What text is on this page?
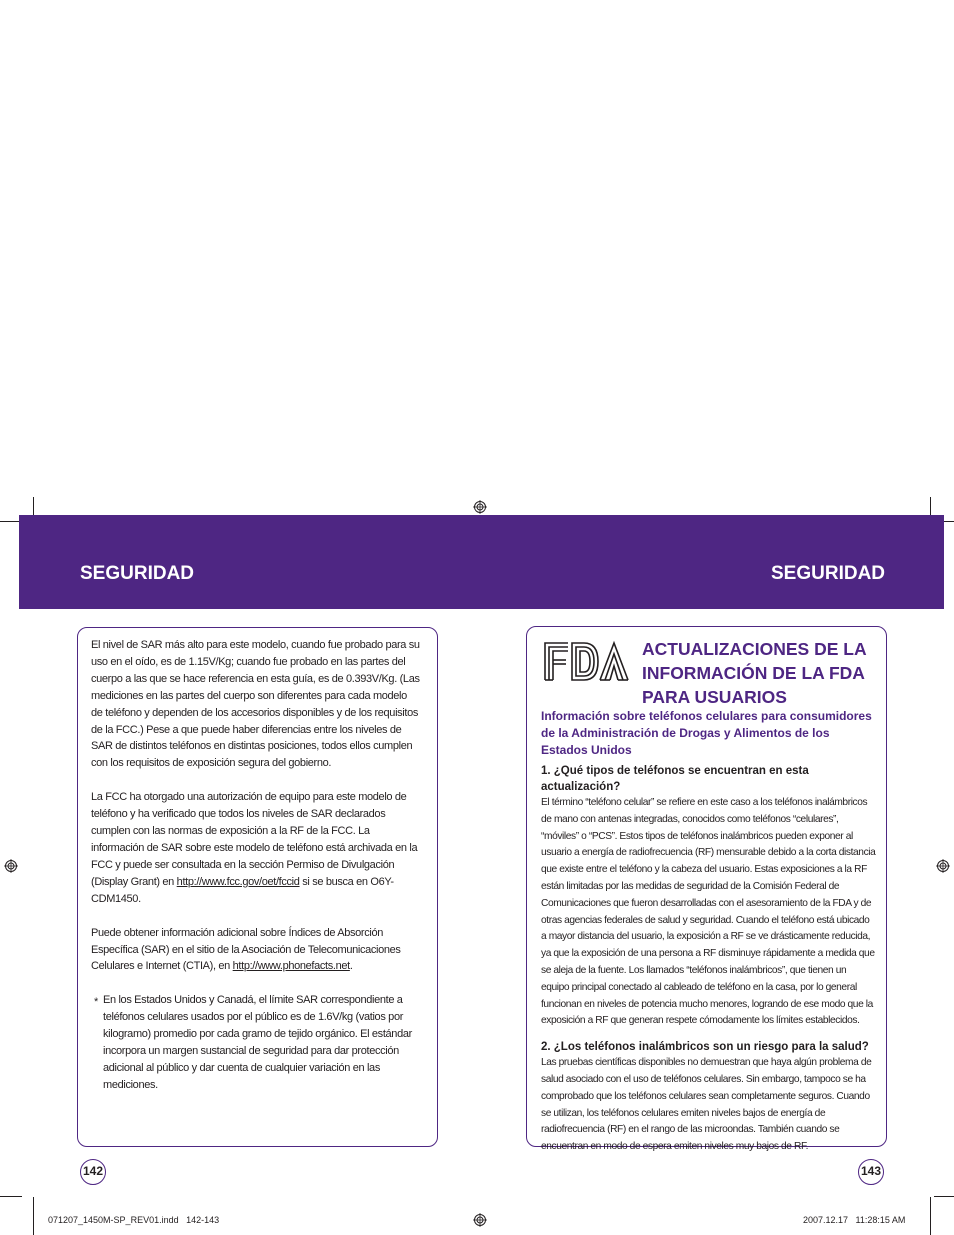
SEGURIDAD	SEGURIDAD

El nivel de SAR más alto para este modelo, cuando fue probado para su uso en el oído, es de 1.15V/Kg; cuando fue probado en las partes del cuerpo a las que se hace referencia en esta guía, es de 0.393V/Kg. (Las mediciones en las partes del cuerpo son diferentes para cada modelo de teléfono y dependen de los accesorios disponibles y de los requisitos de la FCC.) Pese a que puede haber diferencias entre los niveles de SAR de distintos teléfonos en distintas posiciones, todos ellos cumplen con los requisitos de exposición segura del gobierno.

La FCC ha otorgado una autorización de equipo para este modelo de teléfono y ha verificado que todos los niveles de SAR declarados cumplen con las normas de exposición a la RF de la FCC. La información de SAR sobre este modelo de teléfono está archivada en la FCC y puede ser consultada en la sección Permiso de Divulgación (Display Grant) en http://www.fcc.gov/oet/fccid si se busca en O6Y-CDM1450.

Puede obtener información adicional sobre Índices de Absorción Específica (SAR) en el sitio de la Asociación de Telecomunicaciones Celulares e Internet (CTIA), en http://www.phonefacts.net.

* En los Estados Unidos y Canadá, el límite SAR correspondiente a teléfonos celulares usados por el público es de 1.6V/kg (vatios por kilogramo) promedio por cada gramo de tejido orgánico. El estándar incorpora un margen sustancial de seguridad para dar protección adicional al público y dar cuenta de cualquier variación en las mediciones.
ACTUALIZACIONES DE LA
INFORMACIÓN DE LA FDA
PARA USUARIOS
Información sobre teléfonos celulares para consumidores de la Administración de Drogas y Alimentos de los Estados Unidos
1. ¿Qué tipos de teléfonos se encuentran en esta actualización?
El término “teléfono celular” se refiere en este caso a los teléfonos inalámbricos de mano con antenas integradas, conocidos como teléfonos “celulares”, “móviles” o “PCS”. Estos tipos de teléfonos inalámbricos pueden exponer al usuario a energía de radiofrecuencia (RF) mensurable debido a la corta distancia que existe entre el teléfono y la cabeza del usuario. Estas exposiciones a la RF están limitadas por las medidas de seguridad de la Comisión Federal de Comunicaciones que fueron desarrolladas con el asesoramiento de la FDA y de otras agencias federales de salud y seguridad. Cuando el teléfono está ubicado a mayor distancia del usuario, la exposición a RF se ve drásticamente reducida, ya que la exposición de una persona a RF disminuye rápidamente a medida que se aleja de la fuente. Los llamados “teléfonos inalámbricos”, que tienen un equipo principal conectado al cableado de teléfono en la casa, por lo general funcionan en niveles de potencia mucho menores, logrando de ese modo que la exposición a RF que generan respete cómodamente los límites establecidos.
2. ¿Los teléfonos inalámbricos son un riesgo para la salud?
Las pruebas científicas disponibles no demuestran que haya algún problema de salud asociado con el uso de teléfonos celulares. Sin embargo, tampoco se ha comprobado que los teléfonos celulares sean completamente seguros. Cuando se utilizan, los teléfonos celulares emiten niveles bajos de energía de radiofrecuencia (RF) en el rango de las microondas. También cuando se encuentran en modo de espera emiten niveles muy bajos de RF.
142	143
071207_1450M-SP_REV01.indd   142-143	2007.12.17   11:28:15 AM
